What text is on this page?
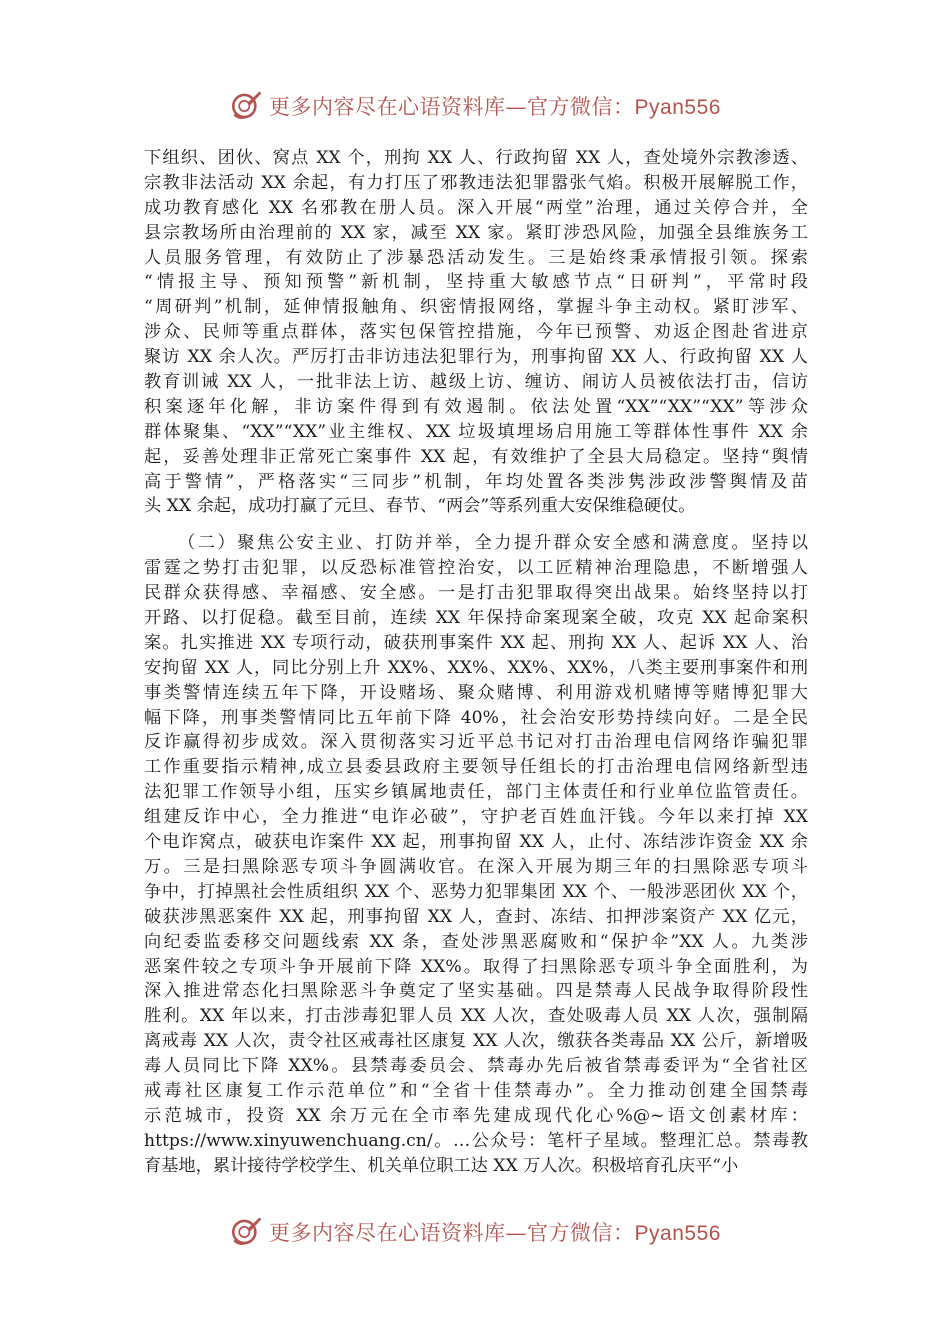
更多内容尽在心语资料库—官方微信：Pyan556
下组织、团伙、窝点 XX 个，刑拘 XX 人、行政拘留 XX 人，查处境外宗教渗透、
宗教非法活动 XX 余起，有力打压了邪教违法犯罪嚣张气焰。积极开展解脱工作，
成功教育感化 XX 名邪教在册人员。深入开展“两堂”治理，通过关停合并，全
县宗教场所由治理前的 XX 家，减至 XX 家。紧盯涉恐风险，加强全县维族务工
人员服务管理，有效防止了涉暴恐活动发生。三是始终秉承情报引领。探索
“情报主导、预知预警”新机制，坚持重大敏感节点“日研判”，平常时段
“周研判”机制，延伸情报触角、织密情报网络，掌握斗争主动权。紧盯涉军、
涉众、民师等重点群体，落实包保管控措施，今年已预警、劝返企图赴省进京
聚访 XX 余人次。严厉打击非访违法犯罪行为，刑事拘留 XX 人、行政拘留 XX 人
教育训诫 XX 人，一批非法上访、越级上访、缠访、闹访人员被依法打击，信访
积案逐年化解，非访案件得到有效遏制。依法处置“XX”“XX”“XX”等涉众
群体聚集、“XX”“XX”业主维权、XX 垃圾填埋场启用施工等群体性事件 XX 余
起，妥善处理非正常死亡案事件 XX 起，有效维护了全县大局稳定。坚持“舆情
高于警情”，严格落实“三同步”机制，年均处置各类涉隽涉政涉警舆情及苗
头 XX 余起，成功打赢了元旦、春节、“两会”等系列重大安保维稳硬仗。
（二）聚焦公安主业、打防并举，全力提升群众安全感和满意度。坚持以
雷霆之势打击犯罪，以反恐标准管控治安，以工匠精神治理隐患，不断增强人
民群众获得感、幸福感、安全感。一是打击犯罪取得突出战果。始终坚持以打
开路、以打促稳。截至目前，连续 XX 年保持命案现案全破，攻克 XX 起命案积
案。扎实推进 XX 专项行动，破获刑事案件 XX 起、刑拘 XX 人、起诉 XX 人、治
安拘留 XX 人，同比分别上升 XX%、XX%、XX%、XX%，八类主要刑事案件和刑
事类警情连续五年下降，开设赌场、聚众赌博、利用游戏机赌博等赌博犯罪大
幅下降，刑事类警情同比五年前下降 40%，社会治安形势持续向好。二是全民
反诈赢得初步成效。深入贯彻落实习近平总书记对打击治理电信网络诈骗犯罪
工作重要指示精神,成立县委县政府主要领导任组长的打击治理电信网络新型违
法犯罪工作领导小组，压实乡镇属地责任，部门主体责任和行业单位监管责任。
组建反诈中心，全力推进“电诈必破”，守护老百姓血汗钱。今年以来打掉 XX
个电诈窝点，破获电诈案件 XX 起，刑事拘留 XX 人，止付、冻结涉诈资金 XX 余
万。三是扫黑除恶专项斗争圆满收官。在深入开展为期三年的扫黑除恶专项斗
争中，打掉黑社会性质组织 XX 个、恶势力犯罪集团 XX 个、一般涉恶团伙 XX 个，
破获涉黑恶案件 XX 起，刑事拘留 XX 人，查封、冻结、扣押涉案资产 XX 亿元，
向纪委监委移交问题线索 XX 条，查处涉黑恶腐败和“保护伞”XX 人。九类涉
恶案件较之专项斗争开展前下降 XX%。取得了扫黑除恶专项斗争全面胜利，为
深入推进常态化扫黑除恶斗争奠定了坚实基础。四是禁毒人民战争取得阶段性
胜利。XX 年以来，打击涉毒犯罪人员 XX 人次，查处吸毒人员 XX 人次，强制隔
离戒毒 XX 人次，责令社区戒毒社区康复 XX 人次，缴获各类毒品 XX 公斤，新增吸
毒人员同比下降 XX%。县禁毒委员会、禁毒办先后被省禁毒委评为“全省社区
戒毒社区康复工作示范单位”和“全省十佳禁毒办”。全力推动创建全国禁毒
示范城市，投资 XX 余万元在全市率先建成现代化心%@~语文创素材库：
https://www.xinyuwenchuang.cn/。…公众号：笔杆子星域。整理汇总。禁毒教
育基地，累计接待学校学生、机关单位职工达 XX 万人次。积极培育孔庆平“小
更多内容尽在心语资料库—官方微信：Pyan556
